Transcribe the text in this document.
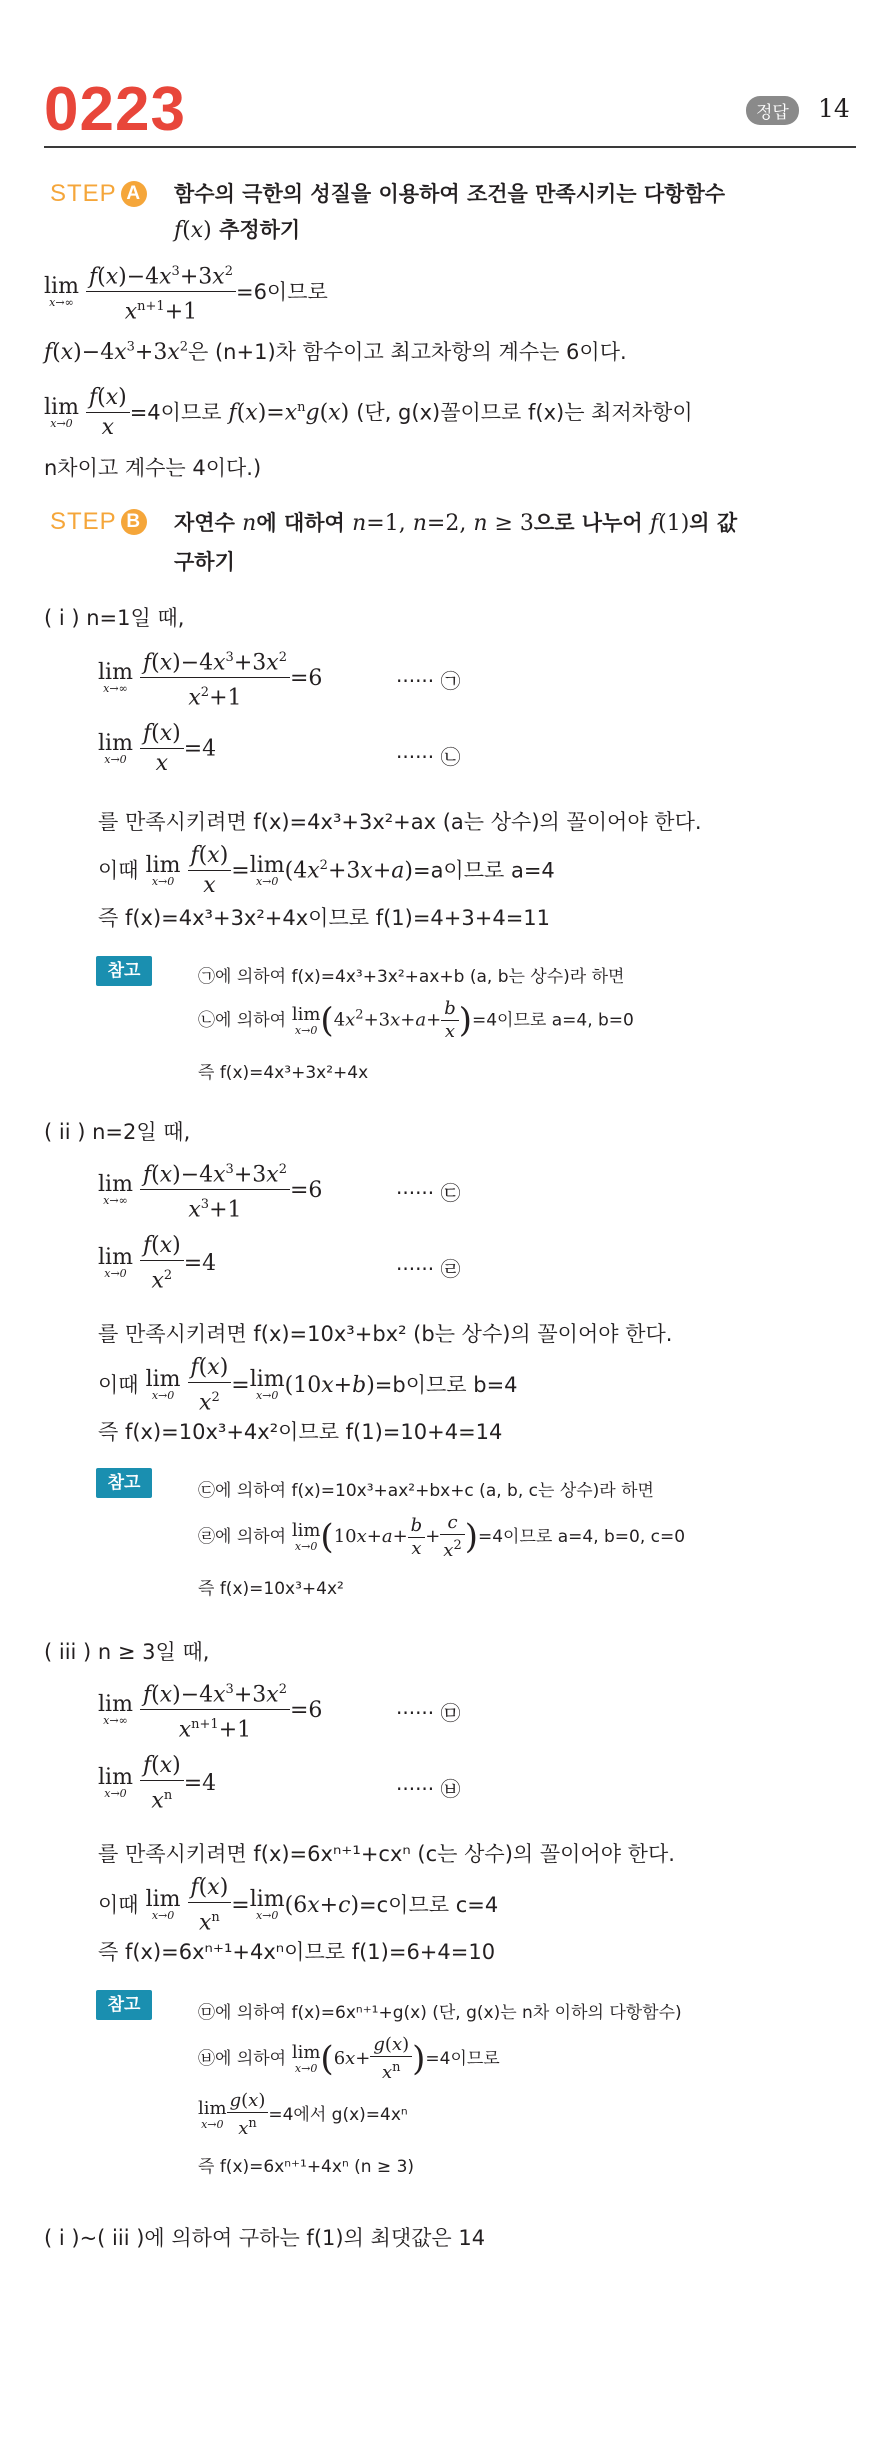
0223	정답	14
STEP A 함수의 극한의 성질을 이용하여 조건을 만족시키는 다항함수
f(x) 추정하기
lim
x→∞
$\frac{f(x)-4x^3+3x^2}{x^{n+1}+1} =6$이므로
$f(x)-4x^3+3x^2$은 (n+1)차 함수이고 최고차항의 계수는 6이다.
lim
x→0
$\frac{f(x)}{x} =4$이므로 $f(x)=x^ng(x)$ (단, g(x)꼴이므로 f(x)는 최저차항이
n차이고 계수는 4이다.)
STEP B 자연수 n에 대하여 n=1, n=2, n ≥ 3으로 나누어 f(1)의 값
구하기
( i ) n=1일 때,
lim
x→∞
$\frac{f(x)-4x^3+3x^2}{x^2+1} =6$	······ ㉠
lim
x→0
$\frac{f(x)}{x} =4$	······ ㉡
를 만족시키려면 f(x)=4x³+3x²+ax (a는 상수)의 꼴이어야 한다.
이때 lim
x→0
$\frac{f(x)}{x} =\lim$
x→0 $(4x^2+3x+a)=a$이므로 a=4
즉 f(x)=4x³+3x²+4x이므로 f(1)=4+3+4=11
참고	㉠에 의하여 f(x)=4x³+3x²+ax+b (a, b는 상수)라 하면
㉡에 의하여 lim
x→0 $(4x^2+3x+a+ \frac{b}{x} )=4$이므로 a=4, b=0
즉 f(x)=4x³+3x²+4x
( ii ) n=2일 때,
lim
x→∞
$\frac{f(x)-4x^3+3x^2}{x^3+1} =6$	······ ㉢
lim
x→0
$\frac{f(x)}{x^2} =4$	······ ㉣
를 만족시키려면 f(x)=10x³+bx² (b는 상수)의 꼴이어야 한다.
이때 lim
x→0
$\frac{f(x)}{x^2} =\lim$
x→0 (10x+b)=b이므로 b=4
즉 f(x)=10x³+4x²이므로 f(1)=10+4=14
참고	㉢에 의하여 f(x)=10x³+ax²+bx+c (a, b, c는 상수)라 하면
㉣에 의하여 lim
x→0 $(10x+a+ \frac{b}{x} + \frac{c}{x^2} )=4$이므로 a=4, b=0, c=0
즉 f(x)=10x³+4x²
( iii ) n ≥ 3일 때,
lim
x→∞
$\frac{f(x)-4x^3+3x^2}{x^{n+1}+1} =6$	······ ㉤
lim
x→0
$\frac{f(x)}{x^n} =4$	······ ㉥
를 만족시키려면 f(x)=6xⁿ⁺¹+cxⁿ (c는 상수)의 꼴이어야 한다.
이때 lim
x→0
$\frac{f(x)}{x^n} =\lim$
x→0 (6x+c)=c이므로 c=4
즉 f(x)=6xⁿ⁺¹+4xⁿ이므로 f(1)=6+4=10
참고	㉤에 의하여 f(x)=6xⁿ⁺¹+g(x) (단, g(x)는 n차 이하의 다항함수)
㉥에 의하여 lim
x→0 $(6x+ \frac{g(x)}{x^n} )=4$이므로
lim
$x\to 0 \frac{g(x)}{x^n} =4$에서 g(x)=4xⁿ
즉 f(x)=6xⁿ⁺¹+4xⁿ (n ≥ 3)
( i )~( iii )에 의하여 구하는 f(1)의 최댓값은 14
